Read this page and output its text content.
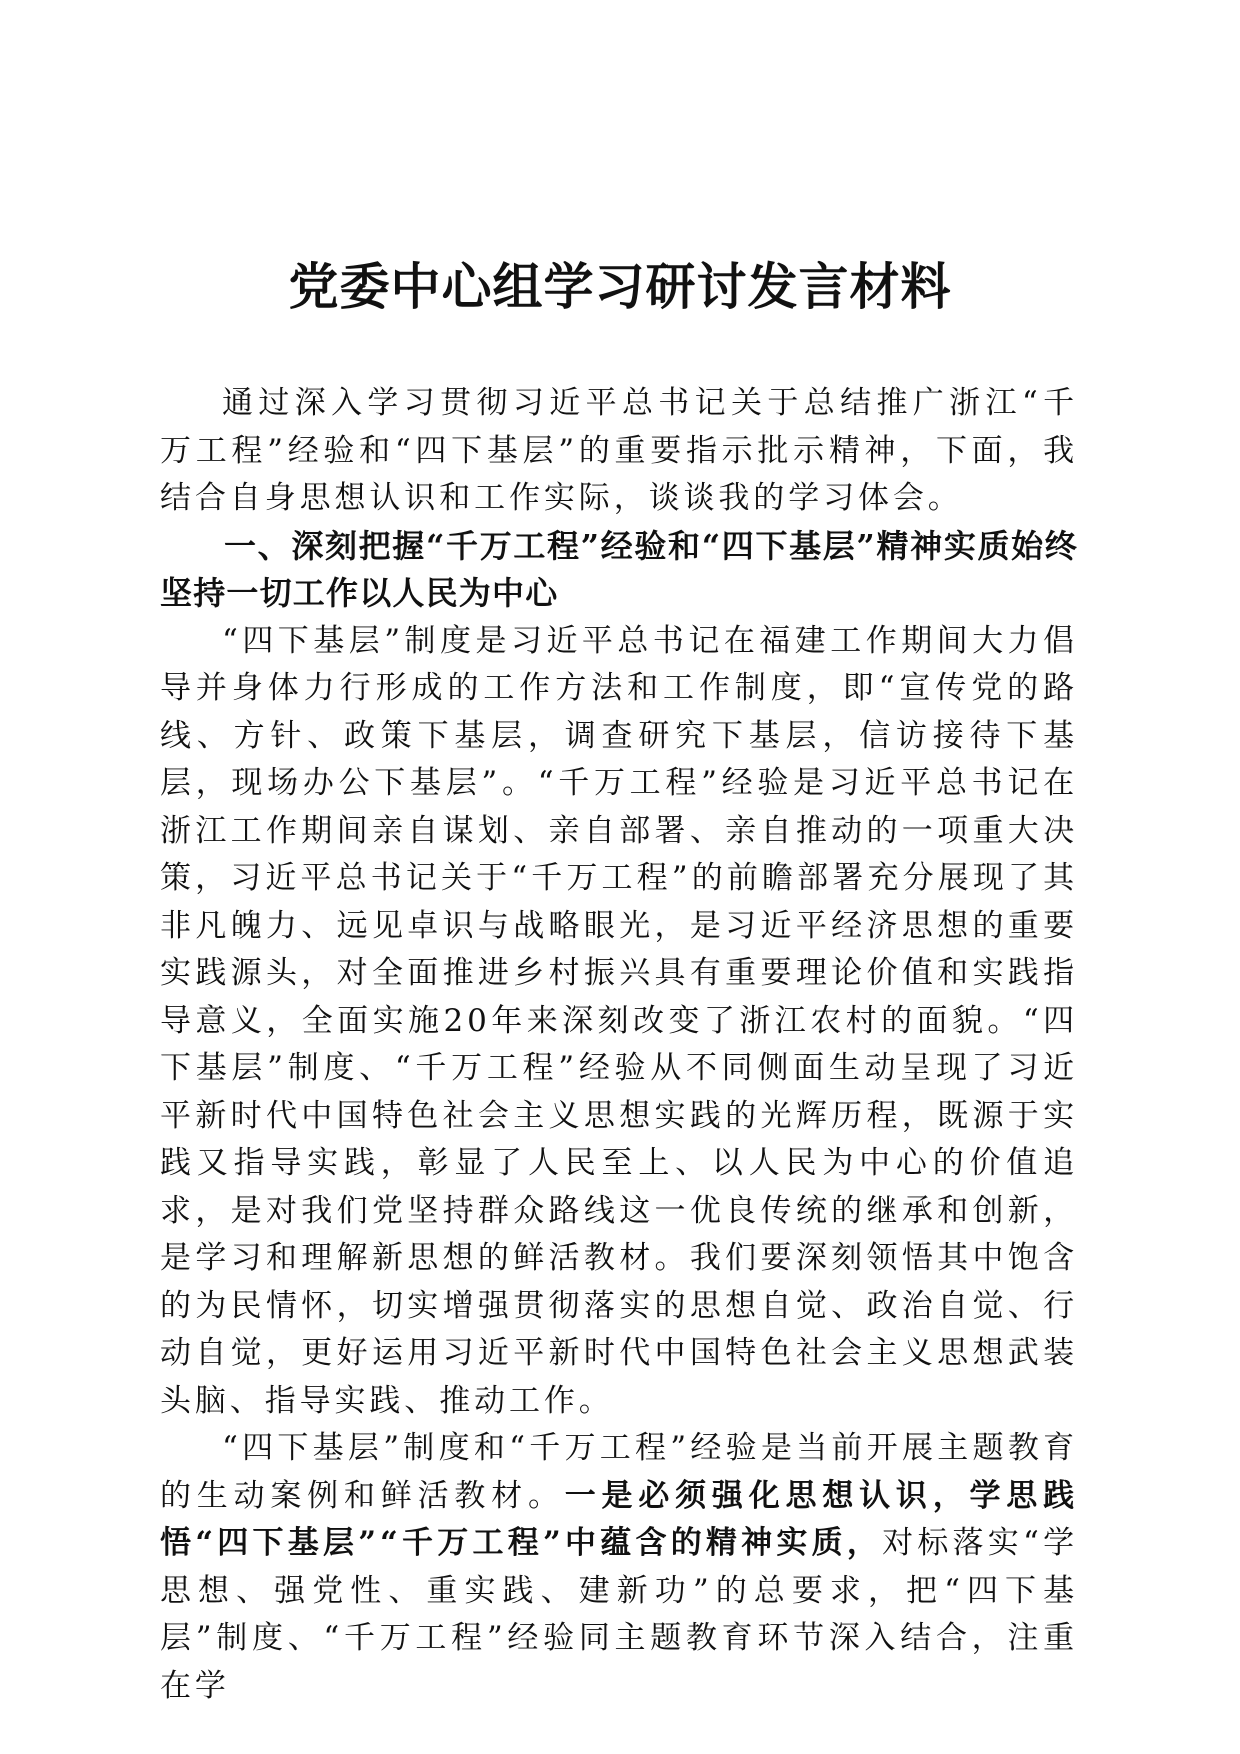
党委中心组学习研讨发言材料

通过深入学习贯彻习近平总书记关于总结推广浙江“千万工程”经验和“四下基层”的重要指示批示精神，下面，我结合自身思想认识和工作实际，谈谈我的学习体会。

一、深刻把握“千万工程”经验和“四下基层”精神实质始终坚持一切工作以人民为中心

“四下基层”制度是习近平总书记在福建工作期间大力倡导并身体力行形成的工作方法和工作制度，即“宣传党的路线、方针、政策下基层，调查研究下基层，信访接待下基层，现场办公下基层”。“千万工程”经验是习近平总书记在浙江工作期间亲自谋划、亲自部署、亲自推动的一项重大决策，习近平总书记关于“千万工程”的前瞻部署充分展现了其非凡魄力、远见卓识与战略眼光，是习近平经济思想的重要实践源头，对全面推进乡村振兴具有重要理论价值和实践指导意义，全面实施20年来深刻改变了浙江农村的面貌。“四下基层”制度、“千万工程”经验从不同侧面生动呈现了习近平新时代中国特色社会主义思想实践的光辉历程，既源于实践又指导实践，彰显了人民至上、以人民为中心的价值追求，是对我们党坚持群众路线这一优良传统的继承和创新，是学习和理解新思想的鲜活教材。我们要深刻领悟其中饱含的为民情怀，切实增强贯彻落实的思想自觉、政治自觉、行动自觉，更好运用习近平新时代中国特色社会主义思想武装头脑、指导实践、推动工作。

“四下基层”制度和“千万工程”经验是当前开展主题教育的生动案例和鲜活教材。一是必须强化思想认识，学思践悟“四下基层”“千万工程”中蕴含的精神实质，对标落实“学思想、强党性、重实践、建新功”的总要求，把“四下基层”制度、“千万工程”经验同主题教育环节深入结合，注重在学
